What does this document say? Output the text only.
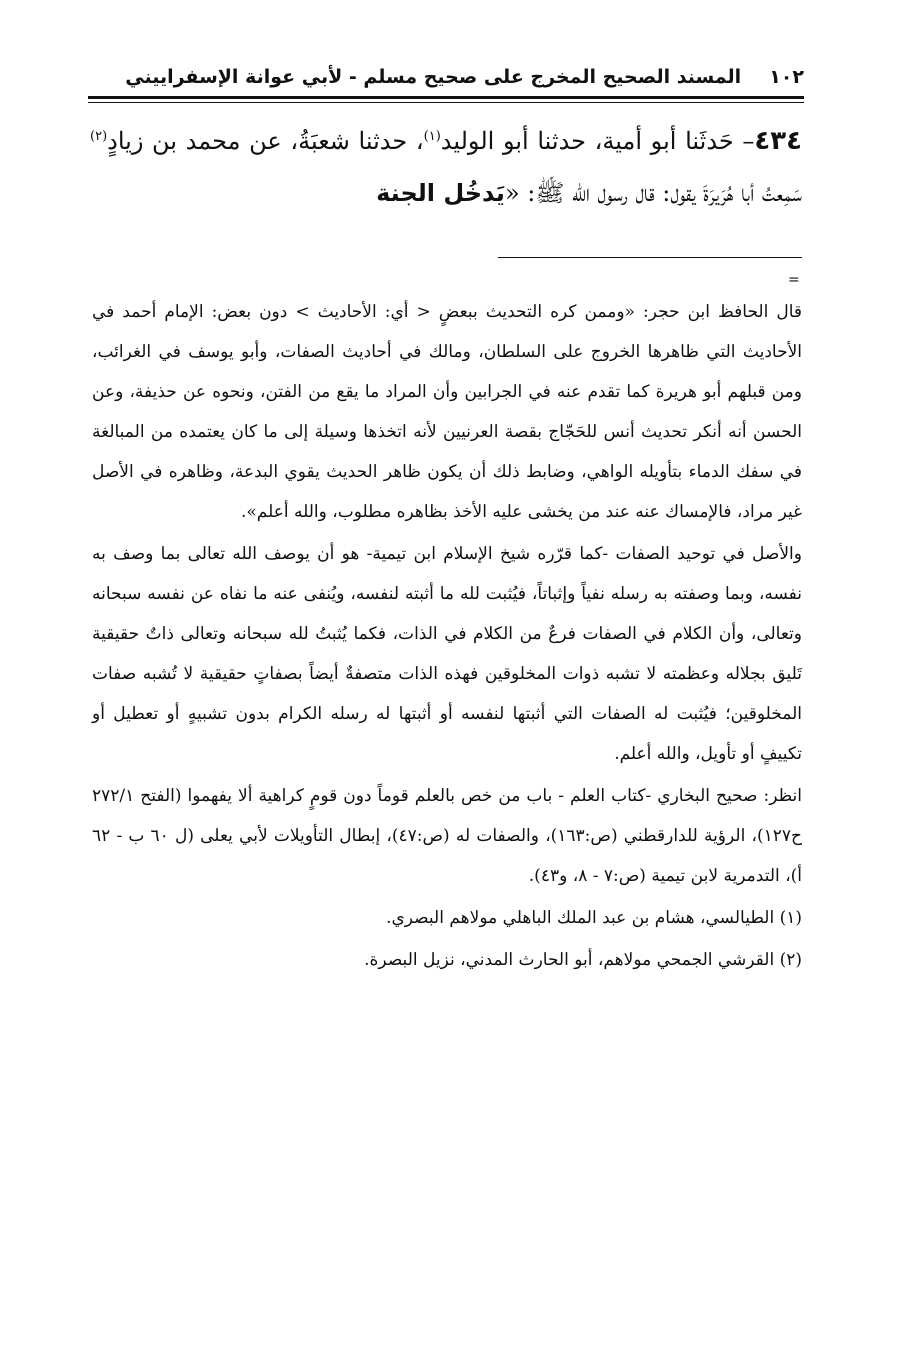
١٠٢
المسند الصحيح المخرج على صحيح مسلم - لأبي عوانة الإسفراييني

٤٣٤– حَدثَنا أبو أمية، حدثنا أبو الوليد$^{(١)}$، حدثنا شعبَةُ، عن محمد بن زيادٍ$^{(٢)}$ سَمِعتُ أبا هُرَيرَةَ يقول: قال رسول الله ﷺ: «يَدخُل الجنة

=

قال الحافظ ابن حجر: «وممن كره التحديث ببعضٍ < أي: الأحاديث > دون بعض: الإمام أحمد في الأحاديث التي ظاهرها الخروج على السلطان، ومالك في أحاديث الصفات، وأبو يوسف في الغرائب، ومن قبلهم أبو هريرة كما تقدم عنه في الجرابين وأن المراد ما يقع من الفتن، ونحوه عن حذيفة، وعن الحسن أنه أنكر تحديث أنس للحَجّاج بقصة العرنيين لأنه اتخذها وسيلة إلى ما كان يعتمده من المبالغة في سفك الدماء بتأويله الواهي، وضابط ذلك أن يكون ظاهر الحديث يقوي البدعة، وظاهره في الأصل غير مراد، فالإمساك عنه عند من يخشى عليه الأخذ بظاهره مطلوب، والله أعلم».

والأصل في توحيد الصفات -كما قرّره شيخ الإسلام ابن تيمية- هو أن يوصف الله تعالى بما وصف به نفسه، وبما وصفته به رسله نفياً وإثباتاً، فيُثبت لله ما أثبته لنفسه، ويُنفى عنه ما نفاه عن نفسه سبحانه وتعالى، وأن الكلام في الصفات فرعٌ من الكلام في الذات، فكما يُثبتُ لله سبحانه وتعالى ذاتٌ حقيقية تَليق بجلاله وعظمته لا تشبه ذوات المخلوقين فهذه الذات متصفةٌ أيضاً بصفاتٍ حقيقية لا تُشبه صفات المخلوقين؛ فيُثبت له الصفات التي أثبتها لنفسه أو أثبتها له رسله الكرام بدون تشبيهٍ أو تعطيل أو تكييفٍ أو تأويل، والله أعلم.

انظر: صحيح البخاري -كتاب العلم - باب من خص بالعلم قوماً دون قومٍ كراهية ألا يفهموا (الفتح ٢٧٢/١ ح١٢٧)، الرؤية للدارقطني (ص:١٦٣)، والصفات له (ص:٤٧)، إبطال التأويلات لأبي يعلى (ل ٦٠ ب - ٦٢ أ)، التدمرية لابن تيمية (ص:٧ - ٨، و٤٣).

(١) الطيالسي، هشام بن عبد الملك الباهلي مولاهم البصري.

(٢) القرشي الجمحي مولاهم، أبو الحارث المدني، نزيل البصرة.
